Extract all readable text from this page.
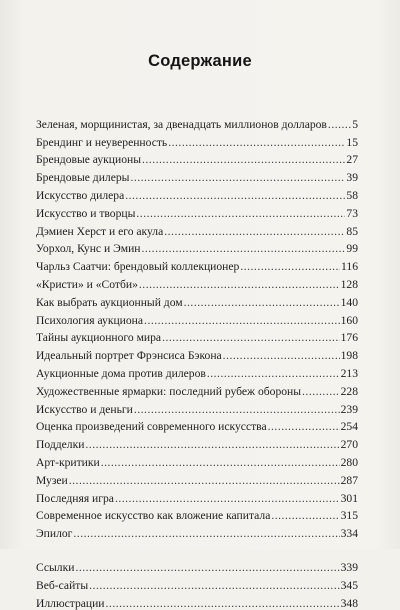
Содержание
Зеленая, морщинистая, за двенадцать миллионов долларов ..... 5
Брендинг и неуверенность .....	15
Брендовые аукционы .....	27
Брендовые дилеры .....	39
Искусство дилера .....	58
Искусство и творцы .....	73
Дэмиен Херст и его акула .....	85
Уорхол, Кунс и Эмин .....	99
Чарльз Саатчи: брендовый коллекционер .....	116
«Кристи» и «Сотби» .....	128
Как выбрать аукционный дом .....	140
Психология аукциона .....	160
Тайны аукционного мира .....	176
Идеальный портрет Фрэнсиса Бэкона .....	198
Аукционные дома против дилеров .....	213
Художественные ярмарки: последний рубеж обороны .....	228
Искусство и деньги .....	239
Оценка произведений современного искусства .....	254
Подделки .....	270
Арт-критики .....	280
Музеи .....	287
Последняя игра .....	301
Современное искусство как вложение капитала .....	315
Эпилог .....	334
Ссылки .....	339
Веб-сайты .....	345
Иллюстрации .....	348
